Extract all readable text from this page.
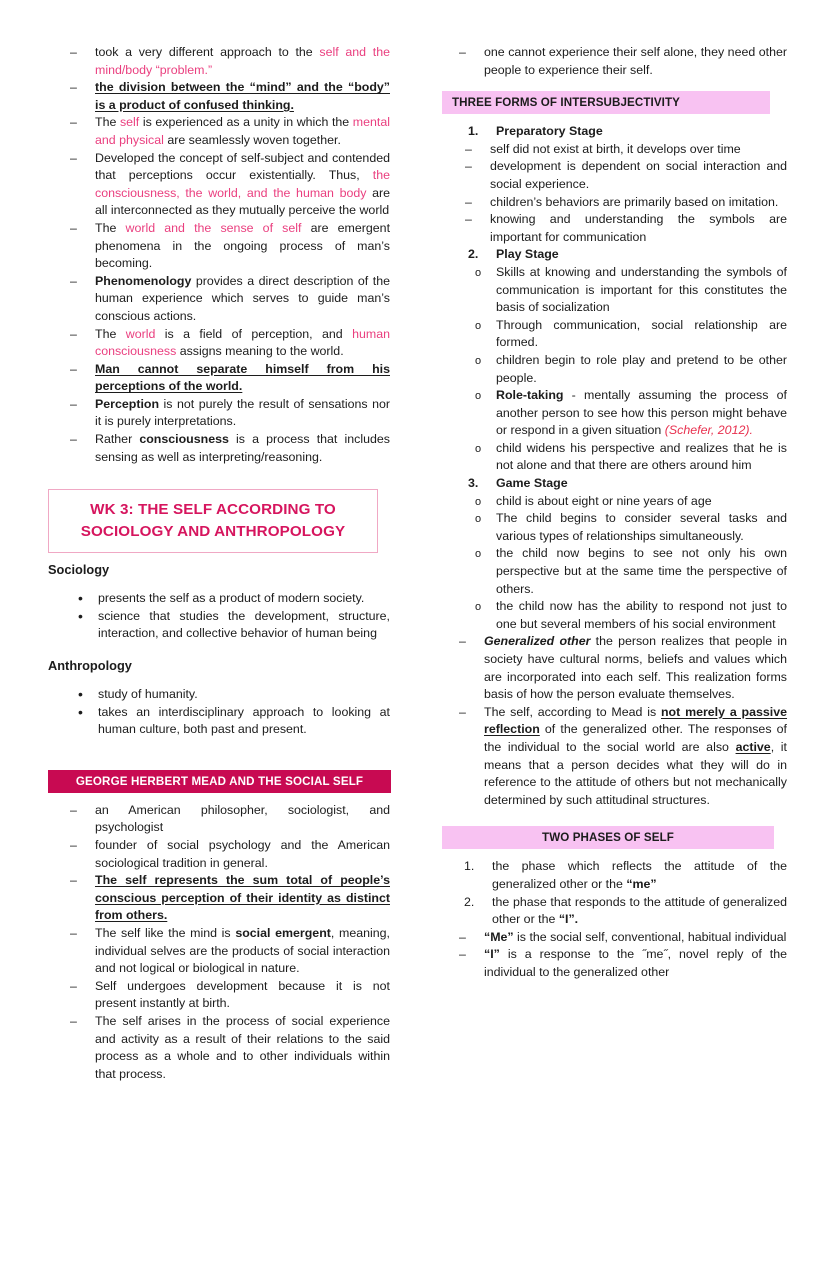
– took a very different approach to the self and the mind/body “problem.”
– the division between the “mind” and the “body” is a product of confused thinking.
– The self is experienced as a unity in which the mental and physical are seamlessly woven together.
– Developed the concept of self-subject and contended that perceptions occur existentially. Thus, the consciousness, the world, and the human body are all interconnected as they mutually perceive the world
– The world and the sense of self are emergent phenomena in the ongoing process of man’s becoming.
– Phenomenology provides a direct description of the human experience which serves to guide man’s conscious actions.
– The world is a field of perception, and human consciousness assigns meaning to the world.
– Man cannot separate himself from his perceptions of the world.
– Perception is not purely the result of sensations nor it is purely interpretations.
– Rather consciousness is a process that includes sensing as well as interpreting/reasoning.
WK 3: THE SELF ACCORDING TO
SOCIOLOGY AND ANTHROPOLOGY
Sociology
• presents the self as a product of modern society.
• science that studies the development, structure, interaction, and collective behavior of human being
Anthropology
• study of humanity.
• takes an interdisciplinary approach to looking at human culture, both past and present.
GEORGE HERBERT MEAD AND THE SOCIAL SELF
– an American philosopher, sociologist, and psychologist
– founder of social psychology and the American sociological tradition in general.
– The self represents the sum total of people’s conscious perception of their identity as distinct from others.
– The self like the mind is social emergent, meaning, individual selves are the products of social interaction and not logical or biological in nature.
– Self undergoes development because it is not present instantly at birth.
– The self arises in the process of social experience and activity as a result of their relations to the said process as a whole and to other individuals within that process.
– one cannot experience their self alone, they need other people to experience their self.
THREE FORMS OF INTERSUBJECTIVITY
Preparatory Stage
– self did not exist at birth, it develops over time
– development is dependent on social interaction and social experience.
– children’s behaviors are primarily based on imitation.
– knowing and understanding the symbols are important for communication
Play Stage
o Skills at knowing and understanding the symbols of communication is important for this constitutes the basis of socialization
o Through communication, social relationship are formed.
o children begin to role play and pretend to be other people.
o Role-taking - mentally assuming the process of another person to see how this person might behave or respond in a given situation (Schefer, 2012).
o child widens his perspective and realizes that he is not alone and that there are others around him
Game Stage
o child is about eight or nine years of age
o The child begins to consider several tasks and various types of relationships simultaneously.
o the child now begins to see not only his own perspective but at the same time the perspective of others.
o the child now has the ability to respond not just to one but several members of his social environment
– Generalized other the person realizes that people in society have cultural norms, beliefs and values which are incorporated into each self. This realization forms basis of how the person evaluate themselves.
– The self, according to Mead is not merely a passive reflection of the generalized other. The responses of the individual to the social world are also active, it means that a person decides what they will do in reference to the attitude of others but not mechanically determined by such attitudinal structures.
TWO PHASES OF SELF
the phase which reflects the attitude of the generalized other or the “me”
the phase that responds to the attitude of generalized other or the “I”.
– “Me” is the social self, conventional, habitual individual
– “I” is a response to the ˝me˝, novel reply of the individual to the generalized other
